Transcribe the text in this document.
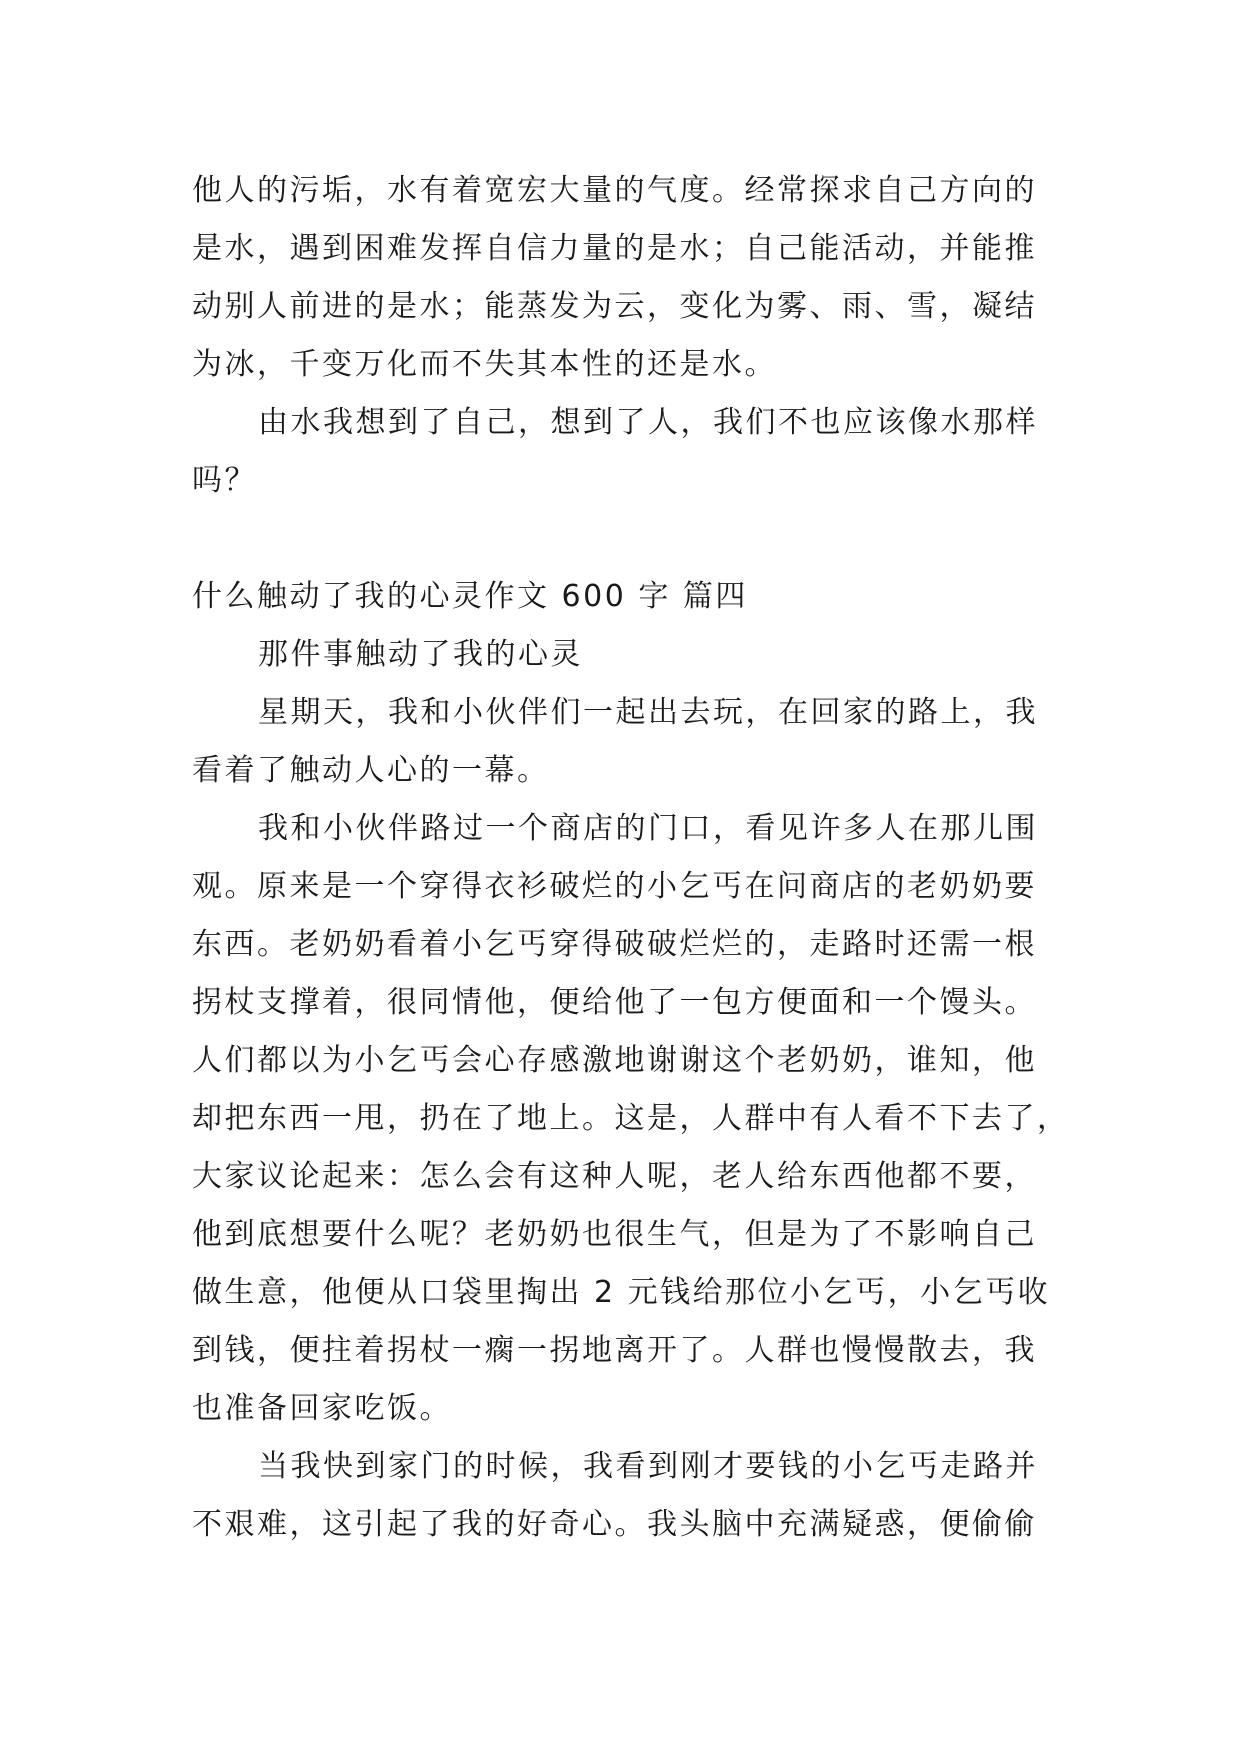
他人的污垢，水有着宽宏大量的气度。经常探求自己方向的
是水，遇到困难发挥自信力量的是水；自己能活动，并能推
动别人前进的是水；能蒸发为云，变化为雾、雨、雪，凝结
为冰，千变万化而不失其本性的还是水。
由水我想到了自己，想到了人，我们不也应该像水那样
吗？
什么触动了我的心灵作文 600 字 篇四
那件事触动了我的心灵
星期天，我和小伙伴们一起出去玩，在回家的路上，我
看着了触动人心的一幕。
我和小伙伴路过一个商店的门口，看见许多人在那儿围
观。原来是一个穿得衣衫破烂的小乞丐在问商店的老奶奶要
东西。老奶奶看着小乞丐穿得破破烂烂的，走路时还需一根
拐杖支撑着，很同情他，便给他了一包方便面和一个馒头。
人们都以为小乞丐会心存感激地谢谢这个老奶奶，谁知，他
却把东西一甩，扔在了地上。这是，人群中有人看不下去了，
大家议论起来：怎么会有这种人呢，老人给东西他都不要，
他到底想要什么呢？老奶奶也很生气，但是为了不影响自己
做生意，他便从口袋里掏出 2 元钱给那位小乞丐，小乞丐收
到钱，便拄着拐杖一瘸一拐地离开了。人群也慢慢散去，我
也准备回家吃饭。
当我快到家门的时候，我看到刚才要钱的小乞丐走路并
不艰难，这引起了我的好奇心。我头脑中充满疑惑，便偷偷
